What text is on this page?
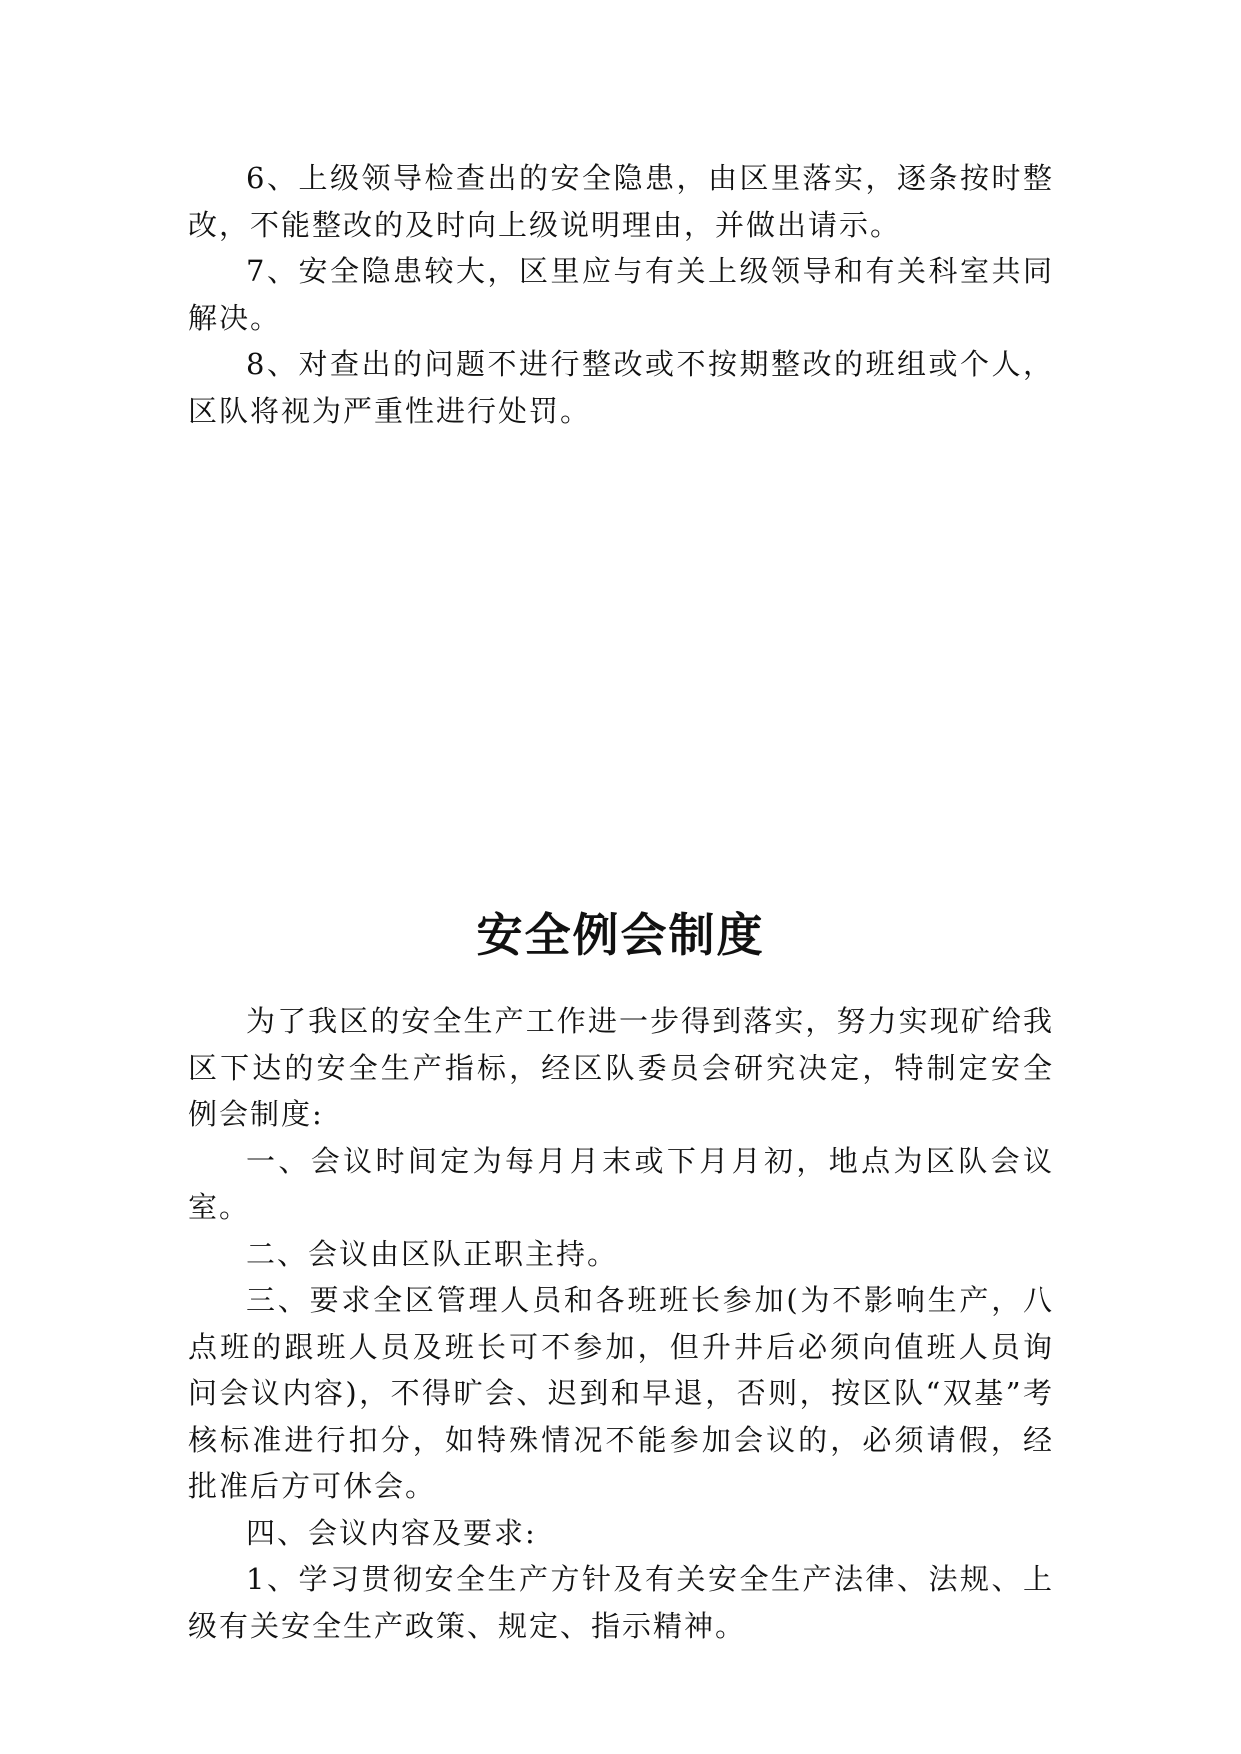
6、上级领导检查出的安全隐患，由区里落实，逐条按时整改，不能整改的及时向上级说明理由，并做出请示。

7、安全隐患较大，区里应与有关上级领导和有关科室共同解决。

8、对查出的问题不进行整改或不按期整改的班组或个人，区队将视为严重性进行处罚。

安全例会制度

为了我区的安全生产工作进一步得到落实，努力实现矿给我区下达的安全生产指标，经区队委员会研究决定，特制定安全例会制度:

一、会议时间定为每月月末或下月月初，地点为区队会议室。

二、会议由区队正职主持。

三、要求全区管理人员和各班班长参加(为不影响生产，八点班的跟班人员及班长可不参加，但升井后必须向值班人员询问会议内容)，不得旷会、迟到和早退，否则，按区队“双基”考核标准进行扣分，如特殊情况不能参加会议的，必须请假，经批准后方可休会。

四、会议内容及要求:

1、学习贯彻安全生产方针及有关安全生产法律、法规、上级有关安全生产政策、规定、指示精神。
